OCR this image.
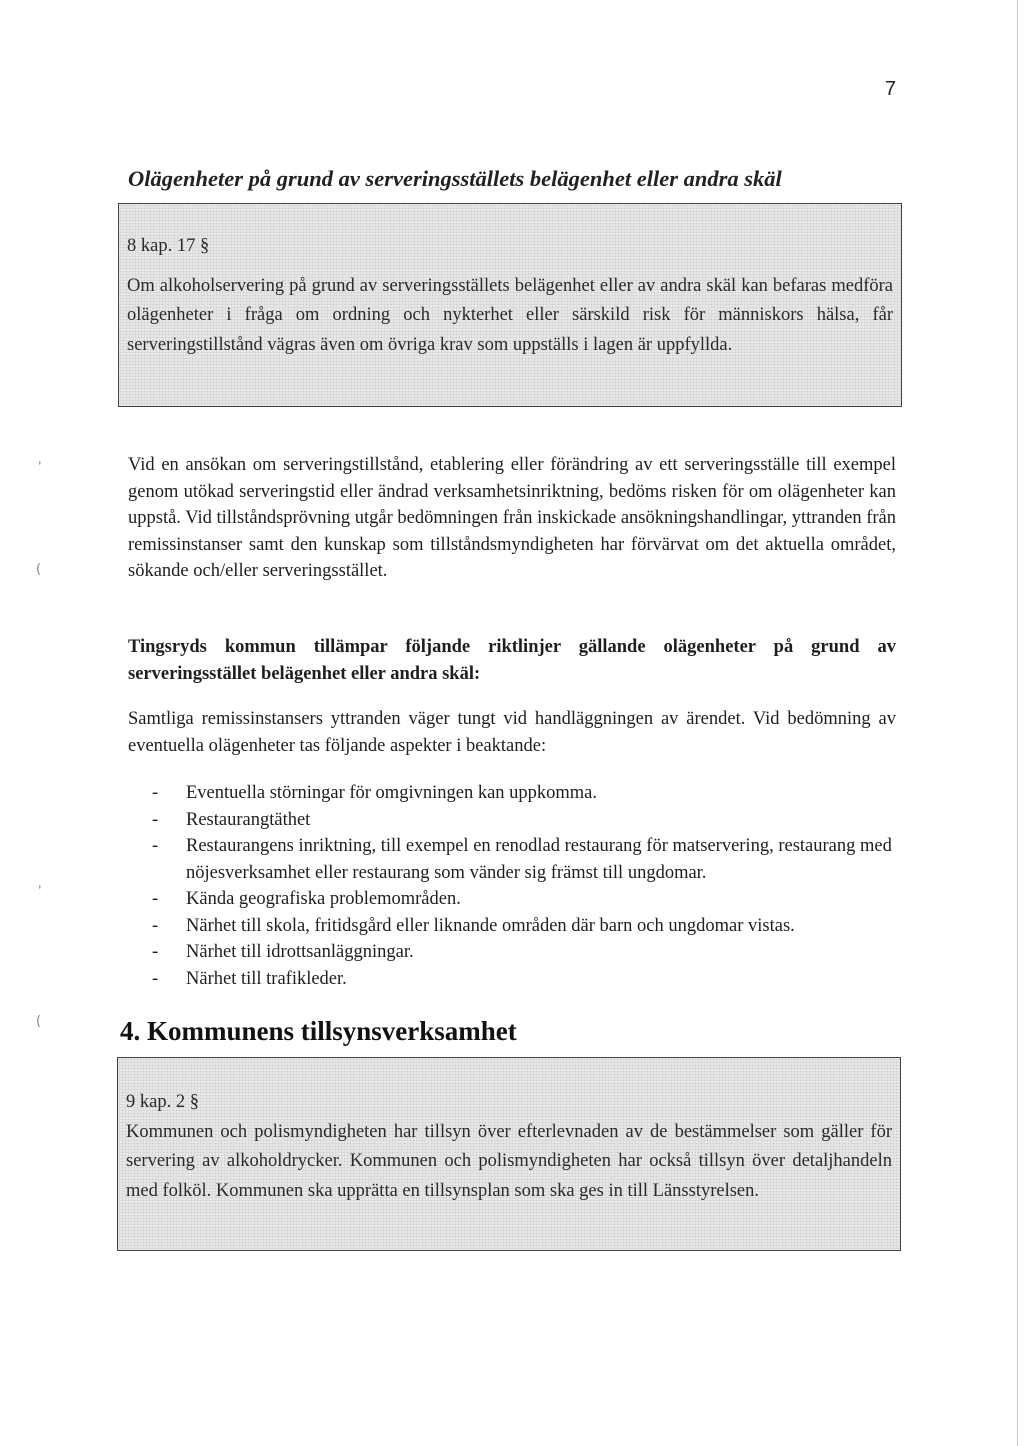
7
Olägenheter på grund av serveringsställets belägenhet eller andra skäl
8 kap. 17 §
Om alkoholservering på grund av serveringsställets belägenhet eller av andra skäl kan befaras medföra olägenheter i fråga om ordning och nykterhet eller särskild risk för människors hälsa, får serveringstillstånd vägras även om övriga krav som uppställs i lagen är uppfyllda.
Vid en ansökan om serveringstillstånd, etablering eller förändring av ett serveringsställe till exempel genom utökad serveringstid eller ändrad verksamhetsinriktning, bedöms risken för om olägenheter kan uppstå. Vid tillståndsprövning utgår bedömningen från inskickade ansökningshandlingar, yttranden från remissinstanser samt den kunskap som tillståndsmyndigheten har förvärvat om det aktuella området, sökande och/eller serveringsstället.
Tingsryds kommun tillämpar följande riktlinjer gällande olägenheter på grund av serveringsstället belägenhet eller andra skäl:
Samtliga remissinstansers yttranden väger tungt vid handläggningen av ärendet. Vid bedömning av eventuella olägenheter tas följande aspekter i beaktande:
- Eventuella störningar för omgivningen kan uppkomma.
- Restaurangtäthet
- Restaurangens inriktning, till exempel en renodlad restaurang för matservering, restaurang med nöjesverksamhet eller restaurang som vänder sig främst till ungdomar.
- Kända geografiska problemområden.
- Närhet till skola, fritidsgård eller liknande områden där barn och ungdomar vistas.
- Närhet till idrottsanläggningar.
- Närhet till trafikleder.
4. Kommunens tillsynsverksamhet
9 kap. 2 §
Kommunen och polismyndigheten har tillsyn över efterlevnaden av de bestämmelser som gäller för servering av alkoholdrycker. Kommunen och polismyndigheten har också tillsyn över detaljhandeln med folköl. Kommunen ska upprätta en tillsynsplan som ska ges in till Länsstyrelsen.
'
(
'
(
